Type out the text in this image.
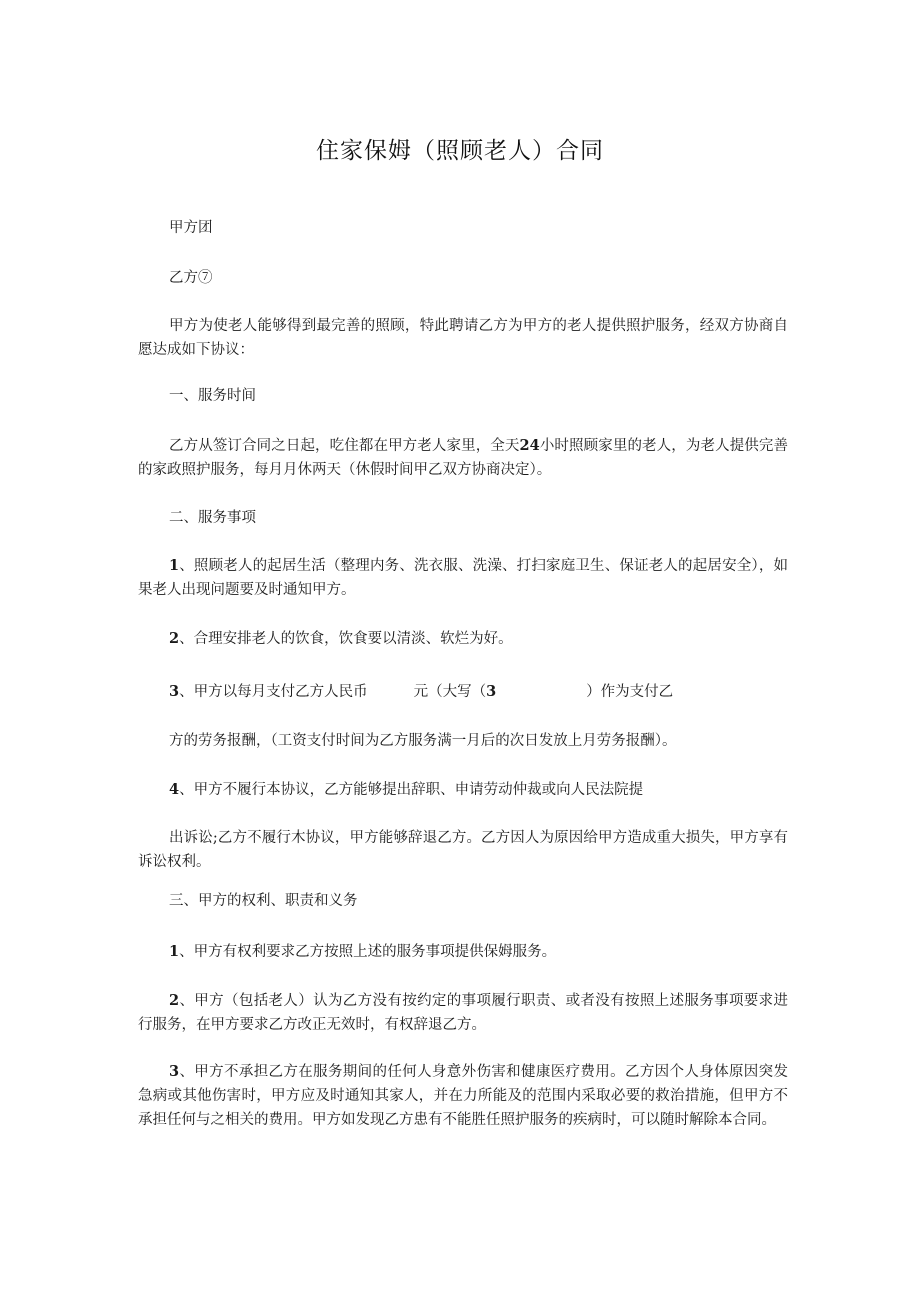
住家保姆（照顾老人）合同
甲方团
乙方⑦
甲方为使老人能够得到最完善的照顾，特此聘请乙方为甲方的老人提供照护服务，经双方协商自愿达成如下协议：
一、服务时间
乙方从签订合同之日起，吃住都在甲方老人家里，全天24小时照顾家里的老人，为老人提供完善的家政照护服务，每月月休两天（休假时间甲乙双方协商决定）。
二、服务事项
1、照顾老人的起居生活（整理内务、洗衣服、洗澡、打扫家庭卫生、保证老人的起居安全），如果老人出现问题要及时通知甲方。
2、合理安排老人的饮食，饮食要以清淡、软烂为好。
3、甲方以每月支付乙方人民币	元（大写（3	）作为支付乙
方的劳务报酬，（工资支付时间为乙方服务满一月后的次日发放上月劳务报酬）。
4、甲方不履行本协议，乙方能够提出辞职、申请劳动仲裁或向人民法院提
出诉讼;乙方不履行木协议，甲方能够辞退乙方。乙方因人为原因给甲方造成重大损失，甲方享有诉讼权利。
三、甲方的权利、职责和义务
1、甲方有权利要求乙方按照上述的服务事项提供保姆服务。
2、甲方（包括老人）认为乙方没有按约定的事项履行职责、或者没有按照上述服务事项要求进行服务，在甲方要求乙方改正无效时，有权辞退乙方。
3、甲方不承担乙方在服务期间的任何人身意外伤害和健康医疗费用。乙方因个人身体原因突发急病或其他伤害时，甲方应及时通知其家人，并在力所能及的范围内采取必要的救治措施，但甲方不承担任何与之相关的费用。甲方如发现乙方患有不能胜任照护服务的疾病时，可以随时解除本合同。
